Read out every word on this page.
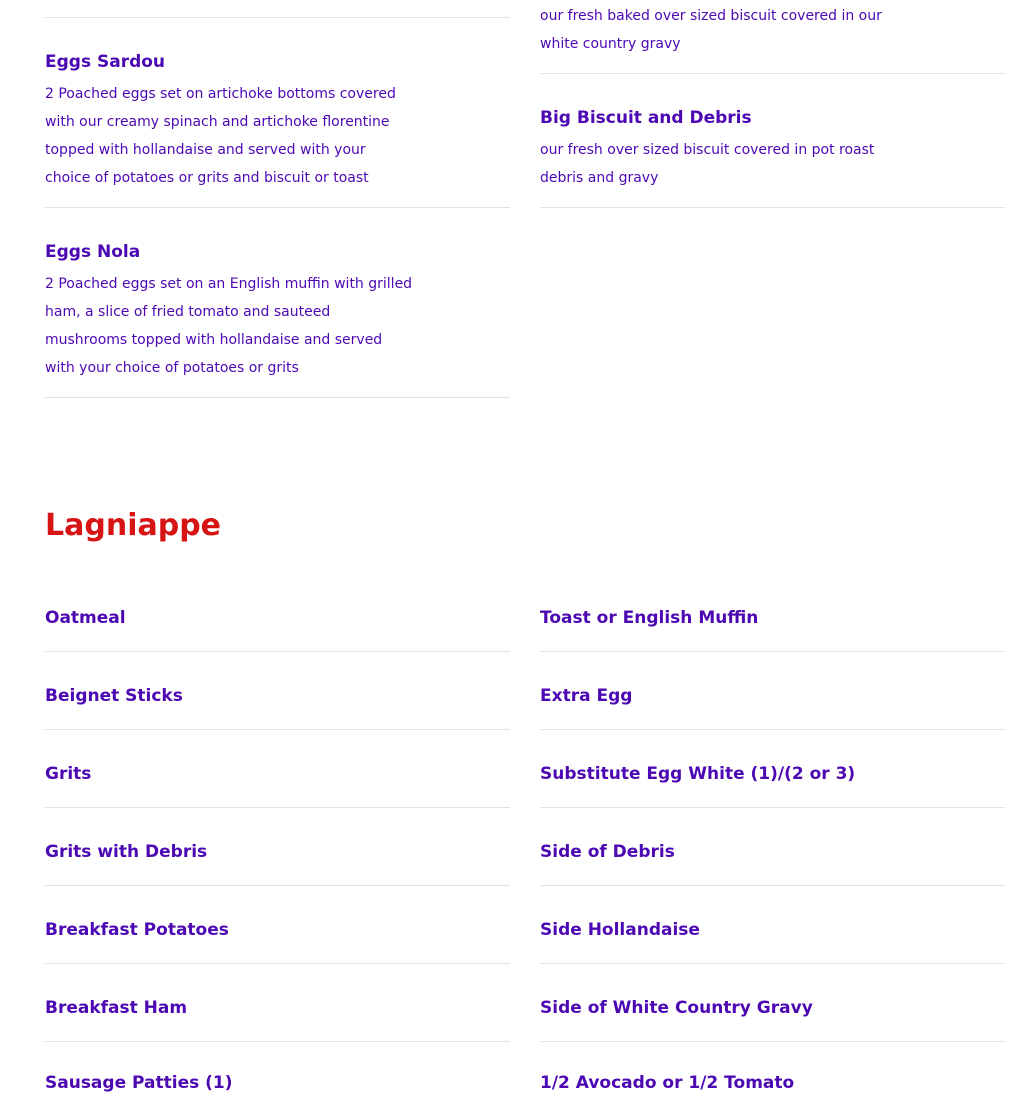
Eggs Sardou
2 Poached eggs set on artichoke bottoms covered
with our creamy spinach and artichoke florentine
topped with hollandaise and served with your
choice of potatoes or grits and biscuit or toast
Eggs Nola
2 Poached eggs set on an English muffin with grilled
ham, a slice of fried tomato and sauteed
mushrooms topped with hollandaise and served
with your choice of potatoes or grits
our fresh baked over sized biscuit covered in our
white country gravy
Big Biscuit and Debris
our fresh over sized biscuit covered in pot roast
debris and gravy
Lagniappe
Oatmeal
Beignet Sticks
Grits
Grits with Debris
Breakfast Potatoes
Breakfast Ham
Sausage Patties (1)
Toast or English Muffin
Extra Egg
Substitute Egg White (1)/(2 or 3)
Side of Debris
Side Hollandaise
Side of White Country Gravy
1/2 Avocado or 1/2 Tomato
